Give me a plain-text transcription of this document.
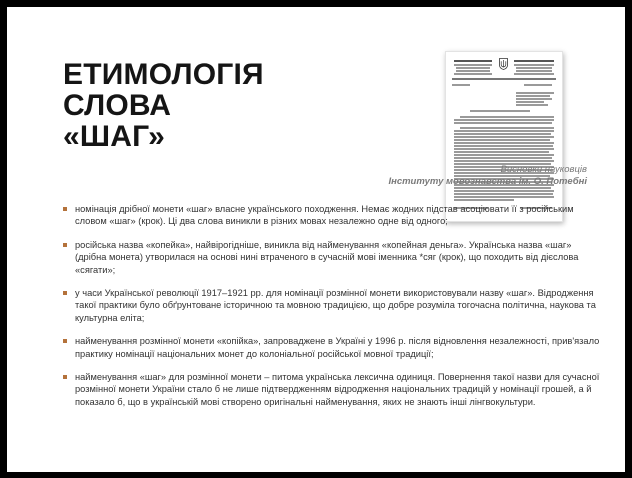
ЕТИМОЛОГІЯ
СЛОВА
«ШАГ»
Висновки науковців
Інституту мовознавства ім. О. Потебні
номінація дрібної монети «шаг» власне українського походження. Немає жодних підстав асоціювати її з російським словом «шаг» (крок). Ці два слова виникли в різних мовах незалежно одне від одного;
російська назва «копейка», найвірогідніше, виникла від найменування «копейная деньга». Українська назва «шаг» (дрібна монета) утворилася на основі нині втраченого в сучасній мові іменника *сяг (крок), що походить від дієслова «сягати»;
у часи Української революції 1917–1921 рр. для номінації розмінної монети використовували назву «шаг». Відродження такої практики було обґрунтоване історичною та мовною традицією, що добре розуміла тогочасна політична, наукова та культурна еліта;
найменування розмінної монети «копійка», запроваджене в Україні у 1996 р. після відновлення незалежності, прив'язало практику номінації національних монет до колоніальної російської мовної традиції;
найменування «шаг» для розмінної монети – питома українська лексична одиниця. Повернення такої назви для сучасної розмінної монети України стало б не лише підтвердженням відродження національних традицій у номінації грошей, а й показало б, що в українській мові створено оригінальні найменування, яких не знають інші лінгвокультури.
